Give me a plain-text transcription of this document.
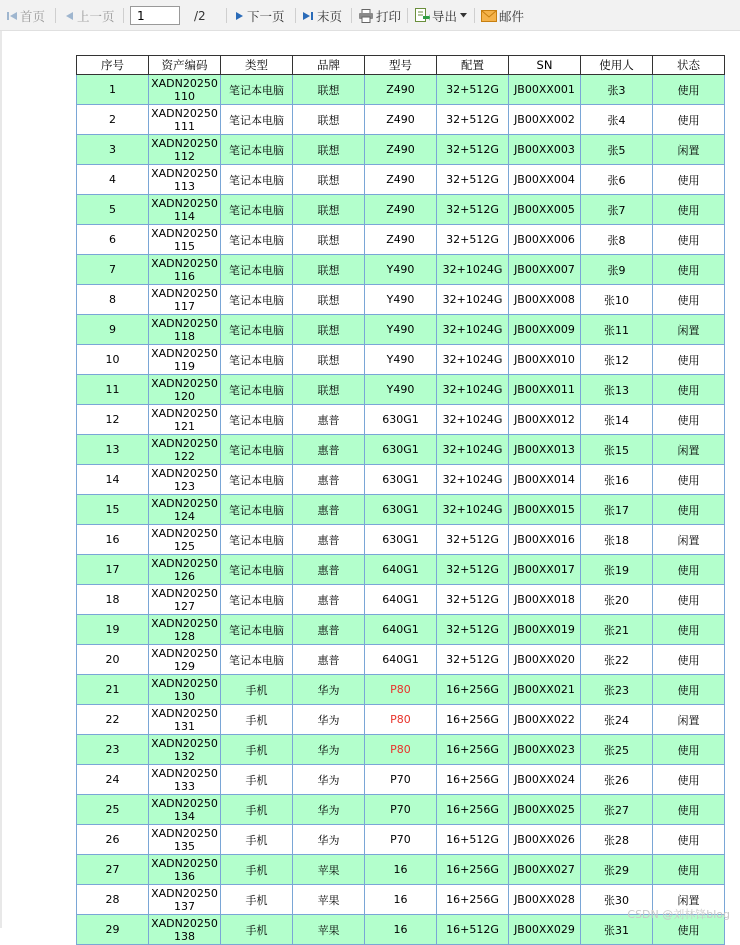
首页	上一页
1	/2	下一页	末页	打印 导出	邮件
序号	资产编码	类型	品牌	型号	配置	SN	使用人	状态
1	XADN20250110	笔记本电脑	联想	Z490	32+512G	JB00XX001	张3	使用
2	XADN20250111	笔记本电脑	联想	Z490	32+512G	JB00XX002	张4	使用
3	XADN20250112	笔记本电脑	联想	Z490	32+512G	JB00XX003	张5	闲置
4	XADN20250113	笔记本电脑	联想	Z490	32+512G	JB00XX004	张6	使用
5	XADN20250114	笔记本电脑	联想	Z490	32+512G	JB00XX005	张7	使用
6	XADN20250115	笔记本电脑	联想	Z490	32+512G	JB00XX006	张8	使用
7	XADN20250116	笔记本电脑	联想	Y490	32+1024G	JB00XX007	张9	使用
8	XADN20250117	笔记本电脑	联想	Y490	32+1024G	JB00XX008	张10	使用
9	XADN20250118	笔记本电脑	联想	Y490	32+1024G	JB00XX009	张11	闲置
10	XADN20250119	笔记本电脑	联想	Y490	32+1024G	JB00XX010	张12	使用
11	XADN20250120	笔记本电脑	联想	Y490	32+1024G	JB00XX011	张13	使用
12	XADN20250121	笔记本电脑	惠普	630G1	32+1024G	JB00XX012	张14	使用
13	XADN20250122	笔记本电脑	惠普	630G1	32+1024G	JB00XX013	张15	闲置
14	XADN20250123	笔记本电脑	惠普	630G1	32+1024G	JB00XX014	张16	使用
15	XADN20250124	笔记本电脑	惠普	630G1	32+1024G	JB00XX015	张17	使用
16	XADN20250125	笔记本电脑	惠普	630G1	32+512G	JB00XX016	张18	闲置
17	XADN20250126	笔记本电脑	惠普	640G1	32+512G	JB00XX017	张19	使用
18	XADN20250127	笔记本电脑	惠普	640G1	32+512G	JB00XX018	张20	使用
19	XADN20250128	笔记本电脑	惠普	640G1	32+512G	JB00XX019	张21	使用
20	XADN20250129	笔记本电脑	惠普	640G1	32+512G	JB00XX020	张22	使用
21	XADN20250130	手机	华为	P80	16+256G	JB00XX021	张23	使用
22	XADN20250131	手机	华为	P80	16+256G	JB00XX022	张24	闲置
23	XADN20250132	手机	华为	P80	16+256G	JB00XX023	张25	使用
24	XADN20250133	手机	华为	P70	16+256G	JB00XX024	张26	使用
25	XADN20250134	手机	华为	P70	16+256G	JB00XX025	张27	使用
26	XADN20250135	手机	华为	P70	16+512G	JB00XX026	张28	使用
27	XADN20250136	手机	苹果	16	16+256G	JB00XX027	张29	使用
28	XADN20250137	手机	苹果	16	16+256G	JB00XX028	张30	闲置
29	XADN20250138	手机	苹果	16	16+512G	JB00XX029	张31	使用
CSDN @刘林锋blog
